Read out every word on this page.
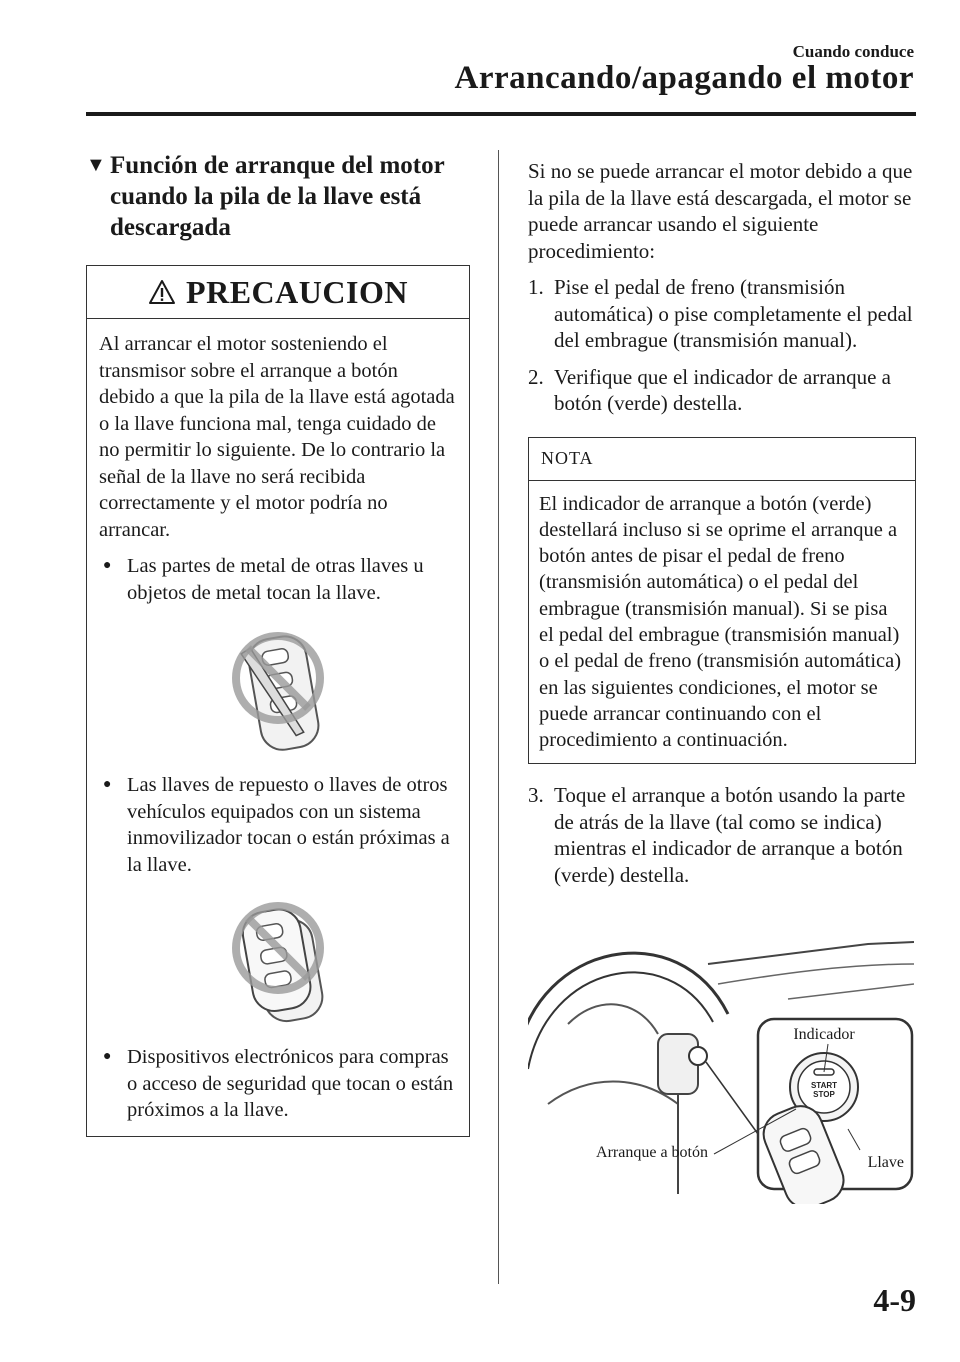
Cuando conduce
Arrancando/apagando el motor
▼ Función de arranque del motor cuando la pila de la llave está descargada
PRECAUCION

Al arrancar el motor sosteniendo el transmisor sobre el arranque a botón debido a que la pila de la llave está agotada o la llave funciona mal, tenga cuidado de no permitir lo siguiente. De lo contrario la señal de la llave no será recibida correctamente y el motor podría no arrancar.

● Las partes de metal de otras llaves u objetos de metal tocan la llave.
● Las llaves de repuesto o llaves de otros vehículos equipados con un sistema inmovilizador tocan o están próximas a la llave.
● Dispositivos electrónicos para compras o acceso de seguridad que tocan o están próximos a la llave.

Si no se puede arrancar el motor debido a que la pila de la llave está descargada, el motor se puede arrancar usando el siguiente procedimiento:

1. Pise el pedal de freno (transmisión automática) o pise completamente el pedal del embrague (transmisión manual).
2. Verifique que el indicador de arranque a botón (verde) destella.
NOTA
El indicador de arranque a botón (verde) destellará incluso si se oprime el arranque a botón antes de pisar el pedal de freno (transmisión automática) o el pedal del embrague (transmisión manual). Si se pisa el pedal del embrague (transmisión manual) o el pedal de freno (transmisión automática) en las siguientes condiciones, el motor se puede arrancar continuando con el procedimiento a continuación.
3. Toque el arranque a botón usando la parte de atrás de la llave (tal como se indica) mientras el indicador de arranque a botón (verde) destella.
START
STOP
Indicador
Arranque a botón
Llave
4-9
